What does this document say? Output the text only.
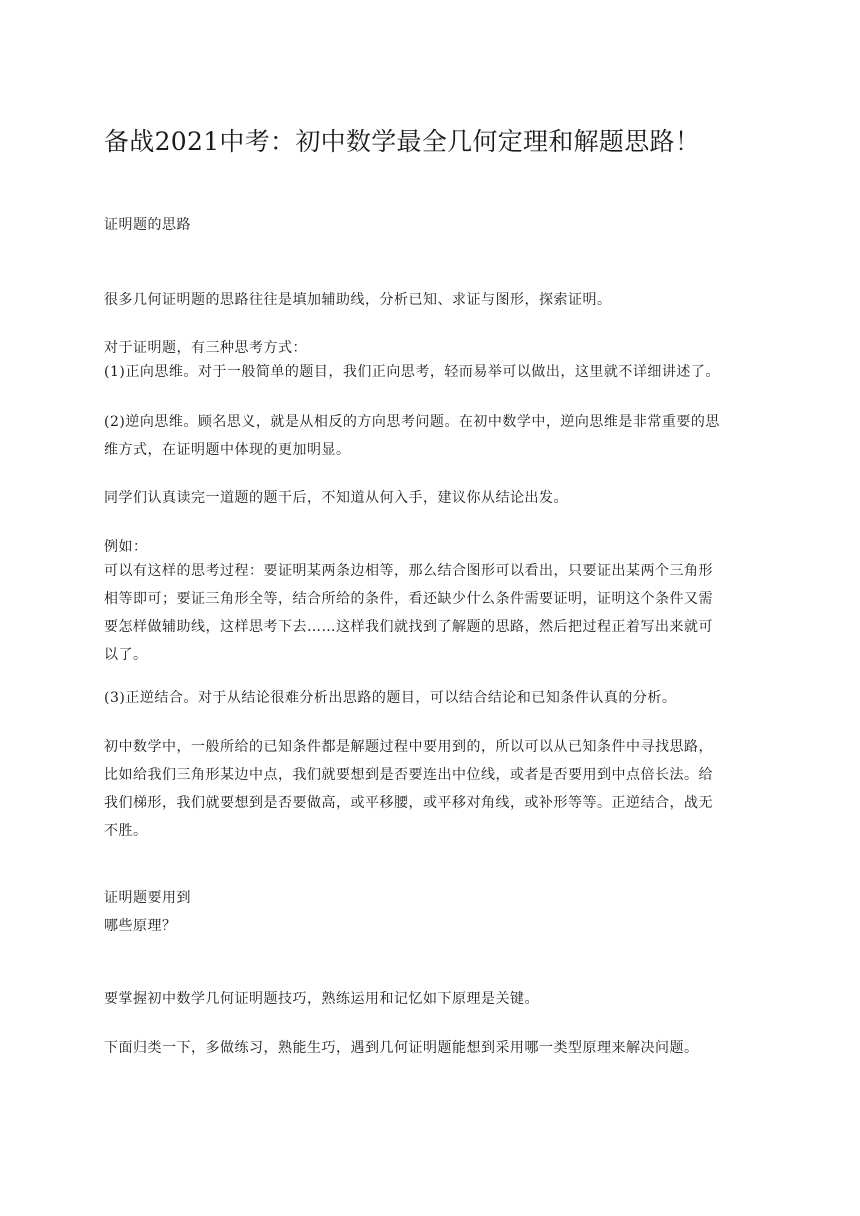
备战2021中考：初中数学最全几何定理和解题思路！
证明题的思路
很多几何证明题的思路往往是填加辅助线，分析已知、求证与图形，探索证明。
对于证明题，有三种思考方式：
(1)正向思维。对于一般简单的题目，我们正向思考，轻而易举可以做出，这里就不详细讲述了。
(2)逆向思维。顾名思义，就是从相反的方向思考问题。在初中数学中，逆向思维是非常重要的思
维方式，在证明题中体现的更加明显。
同学们认真读完一道题的题干后，不知道从何入手，建议你从结论出发。
例如：
可以有这样的思考过程：要证明某两条边相等，那么结合图形可以看出，只要证出某两个三角形
相等即可；要证三角形全等，结合所给的条件，看还缺少什么条件需要证明，证明这个条件又需
要怎样做辅助线，这样思考下去……这样我们就找到了解题的思路，然后把过程正着写出来就可
以了。
(3)正逆结合。对于从结论很难分析出思路的题目，可以结合结论和已知条件认真的分析。
初中数学中，一般所给的已知条件都是解题过程中要用到的，所以可以从已知条件中寻找思路，
比如给我们三角形某边中点，我们就要想到是否要连出中位线，或者是否要用到中点倍长法。给
我们梯形，我们就要想到是否要做高，或平移腰，或平移对角线，或补形等等。正逆结合，战无
不胜。
证明题要用到
哪些原理？
要掌握初中数学几何证明题技巧，熟练运用和记忆如下原理是关键。
下面归类一下，多做练习，熟能生巧，遇到几何证明题能想到采用哪一类型原理来解决问题。
